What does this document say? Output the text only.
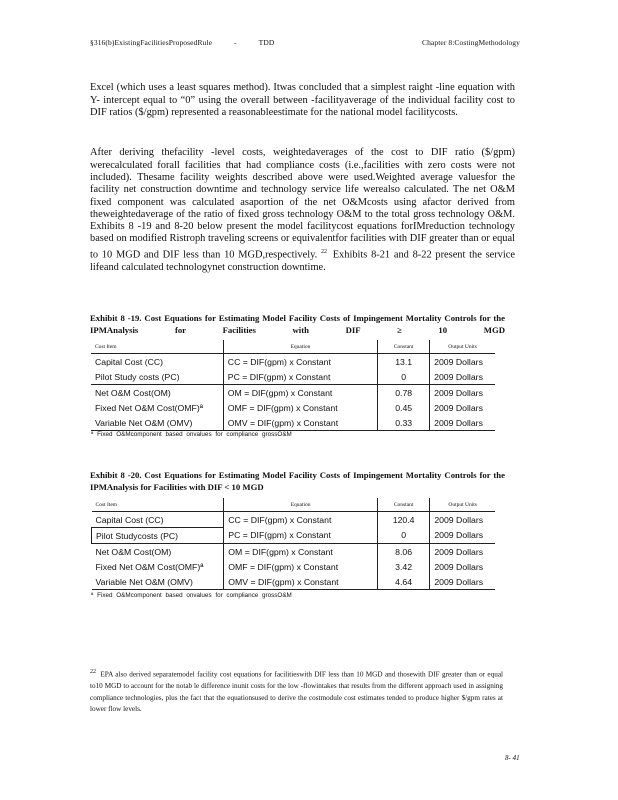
§316(b)ExistingFacilitiesProposedRule	-	TDD	Chapter 8:CostingMethodology

Excel (which uses a least squares method). Itwas concluded that a simplest raight -line equation with Y- intercept equal to “0” using the overall between -facilityaverage of the individual facility cost to DIF ratios ($/gpm) represented a reasonableestimate for the national model facilitycosts.

After deriving thefacility -level costs, weightedaverages of the cost to DIF ratio ($/gpm) werecalculated forall facilities that had compliance costs (i.e.,facilities with zero costs were not included). Thesame facility weights described above were used.Weighted average valuesfor the facility net construction downtime and technology service life werealso calculated. The net O&M fixed component was calculated asaportion of the net O&Mcosts using afactor derived from theweightedaverage of the ratio of fixed gross technology O&M to the total gross technology O&M. Exhibits 8 -19 and 8-20 below present the model facilitycost equations forIMreduction technology based on modified Ristroph traveling screens or equivalentfor facilities with DIF greater than or equal to 10 MGD and DIF less than 10 MGD,respectively. $^{22}$ Exhibits 8-21 and 8-22 present the service lifeand calculated technologynet construction downtime.

Exhibit 8 -19. Cost Equations for Estimating Model Facility Costs of Impingement Mortality Controls for the IPMAnalysis for Facilities with DIF ≥ 10 MGD
Cost Item	Equation	Constant	Output Units
Capital Cost (CC)	CC = DIF(gpm) x Constant	13.1	2009 Dollars
Pilot Study costs (PC)	PC = DIF(gpm) x Constant	0	2009 Dollars
Net O&M Cost(OM)	OM = DIF(gpm) x Constant	0.78	2009 Dollars
Fixed Net O&M Cost(OMF)ª	OMF = DIF(gpm) x Constant	0.45	2009 Dollars
Variable Net O&M (OMV)	OMV = DIF(gpm) x Constant	0.33	2009 Dollars
ª Fixed O&Mcomponent based onvalues for compliance grossO&M
Exhibit 8 -20. Cost Equations for Estimating Model Facility Costs of Impingement Mortality Controls for the IPMAnalysis for Facilities with DIF < 10 MGD
Cost Item	Equation	Constant	Output Units
Capital Cost (CC)	CC = DIF(gpm) x Constant	120.4	2009 Dollars
Pilot Studycosts (PC)	PC = DIF(gpm) x Constant	0	2009 Dollars
Net O&M Cost(OM)	OM = DIF(gpm) x Constant	8.06	2009 Dollars
Fixed Net O&M Cost(OMF)ª	OMF = DIF(gpm) x Constant	3.42	2009 Dollars
Variable Net O&M (OMV)	OMV = DIF(gpm) x Constant	4.64	2009 Dollars
ª Fixed O&Mcomponent based onvalues for compliance grossO&M
$^{22}$ EPA also derived separatemodel facility cost equations for facilitieswith DIF less than 10 MGD and thosewith DIF greater than or equal to10 MGD to account for the notab le difference inunit costs for the low -flowintakes that results from the different approach used in assigning compliance technologies, plus the fact that the equationsused to derive the costmodule cost estimates tended to produce higher $/gpm rates at lower flow levels.
8- 41
